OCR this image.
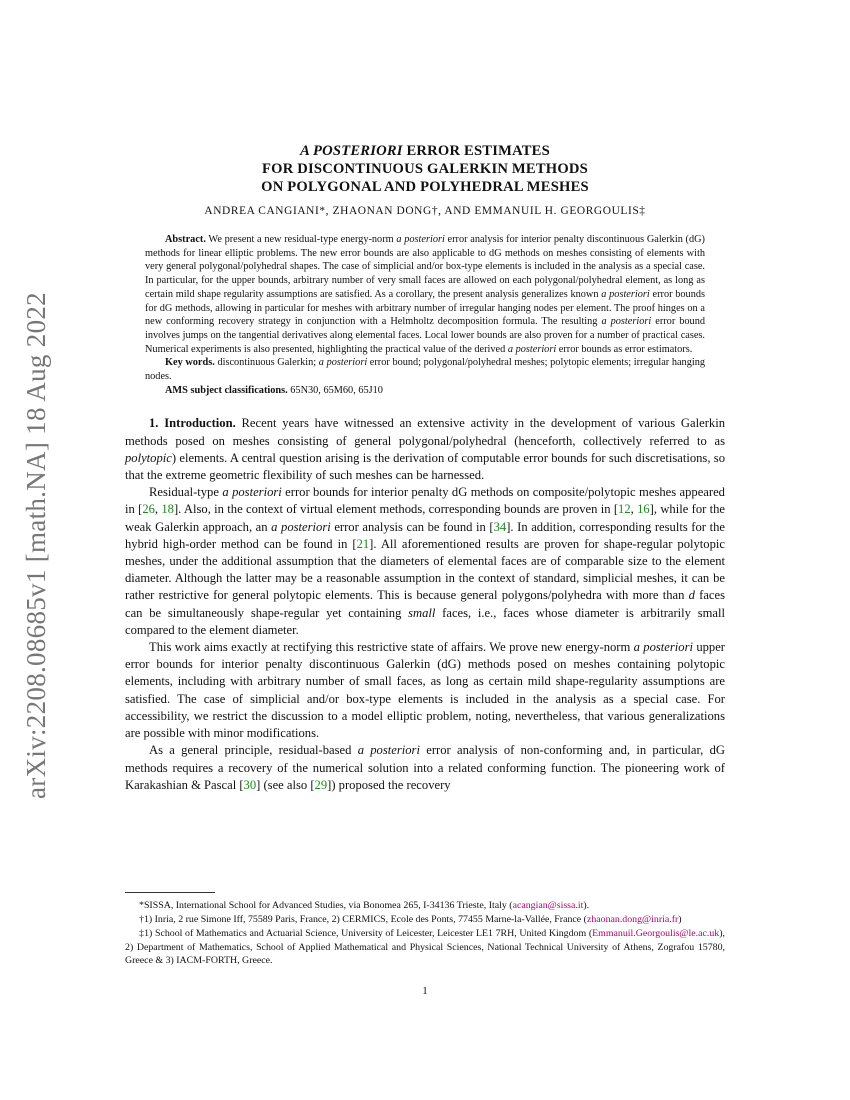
arXiv:2208.08685v1 [math.NA] 18 Aug 2022
A POSTERIORI ERROR ESTIMATES
FOR DISCONTINUOUS GALERKIN METHODS
ON POLYGONAL AND POLYHEDRAL MESHES
ANDREA CANGIANI*, ZHAONAN DONG†, AND EMMANUIL H. GEORGOULIS‡

Abstract. We present a new residual-type energy-norm a posteriori error analysis for interior penalty discontinuous Galerkin (dG) methods for linear elliptic problems. The new error bounds are also applicable to dG methods on meshes consisting of elements with very general polygonal/polyhedral shapes. The case of simplicial and/or box-type elements is included in the analysis as a special case. In particular, for the upper bounds, arbitrary number of very small faces are allowed on each polygonal/polyhedral element, as long as certain mild shape regularity assumptions are satisfied. As a corollary, the present analysis generalizes known a posteriori error bounds for dG methods, allowing in particular for meshes with arbitrary number of irregular hanging nodes per element. The proof hinges on a new conforming recovery strategy in conjunction with a Helmholtz decomposition formula. The resulting a posteriori error bound involves jumps on the tangential derivatives along elemental faces. Local lower bounds are also proven for a number of practical cases. Numerical experiments is also presented, highlighting the practical value of the derived a posteriori error bounds as error estimators.

Key words. discontinuous Galerkin; a posteriori error bound; polygonal/polyhedral meshes; polytopic elements; irregular hanging nodes.

AMS subject classifications. 65N30, 65M60, 65J10

1. Introduction. Recent years have witnessed an extensive activity in the development of various Galerkin methods posed on meshes consisting of general polygonal/polyhedral (henceforth, collectively referred to as polytopic) elements. A central question arising is the derivation of computable error bounds for such discretisations, so that the extreme geometric flexibility of such meshes can be harnessed.

Residual-type a posteriori error bounds for interior penalty dG methods on composite/polytopic meshes appeared in [26, 18]. Also, in the context of virtual element methods, corresponding bounds are proven in [12, 16], while for the weak Galerkin approach, an a posteriori error analysis can be found in [34]. In addition, corresponding results for the hybrid high-order method can be found in [21]. All aforementioned results are proven for shape-regular polytopic meshes, under the additional assumption that the diameters of elemental faces are of comparable size to the element diameter. Although the latter may be a reasonable assumption in the context of standard, simplicial meshes, it can be rather restrictive for general polytopic elements. This is because general polygons/polyhedra with more than d faces can be simultaneously shape-regular yet containing small faces, i.e., faces whose diameter is arbitrarily small compared to the element diameter.

This work aims exactly at rectifying this restrictive state of affairs. We prove new energy-norm a posteriori upper error bounds for interior penalty discontinuous Galerkin (dG) methods posed on meshes containing polytopic elements, including with arbitrary number of small faces, as long as certain mild shape-regularity assumptions are satisfied. The case of simplicial and/or box-type elements is included in the analysis as a special case. For accessibility, we restrict the discussion to a model elliptic problem, noting, nevertheless, that various generalizations are possible with minor modifications.

As a general principle, residual-based a posteriori error analysis of non-conforming and, in particular, dG methods requires a recovery of the numerical solution into a related conforming function. The pioneering work of Karakashian & Pascal [30] (see also [29]) proposed the recovery

*SISSA, International School for Advanced Studies, via Bonomea 265, I-34136 Trieste, Italy (acangian@sissa.it).

†1) Inria, 2 rue Simone Iff, 75589 Paris, France, 2) CERMICS, Ecole des Ponts, 77455 Marne-la-Vallée, France (zhaonan.dong@inria.fr)

‡1) School of Mathematics and Actuarial Science, University of Leicester, Leicester LE1 7RH, United Kingdom (Emmanuil.Georgoulis@le.ac.uk), 2) Department of Mathematics, School of Applied Mathematical and Physical Sciences, National Technical University of Athens, Zografou 15780, Greece & 3) IACM-FORTH, Greece.

1
